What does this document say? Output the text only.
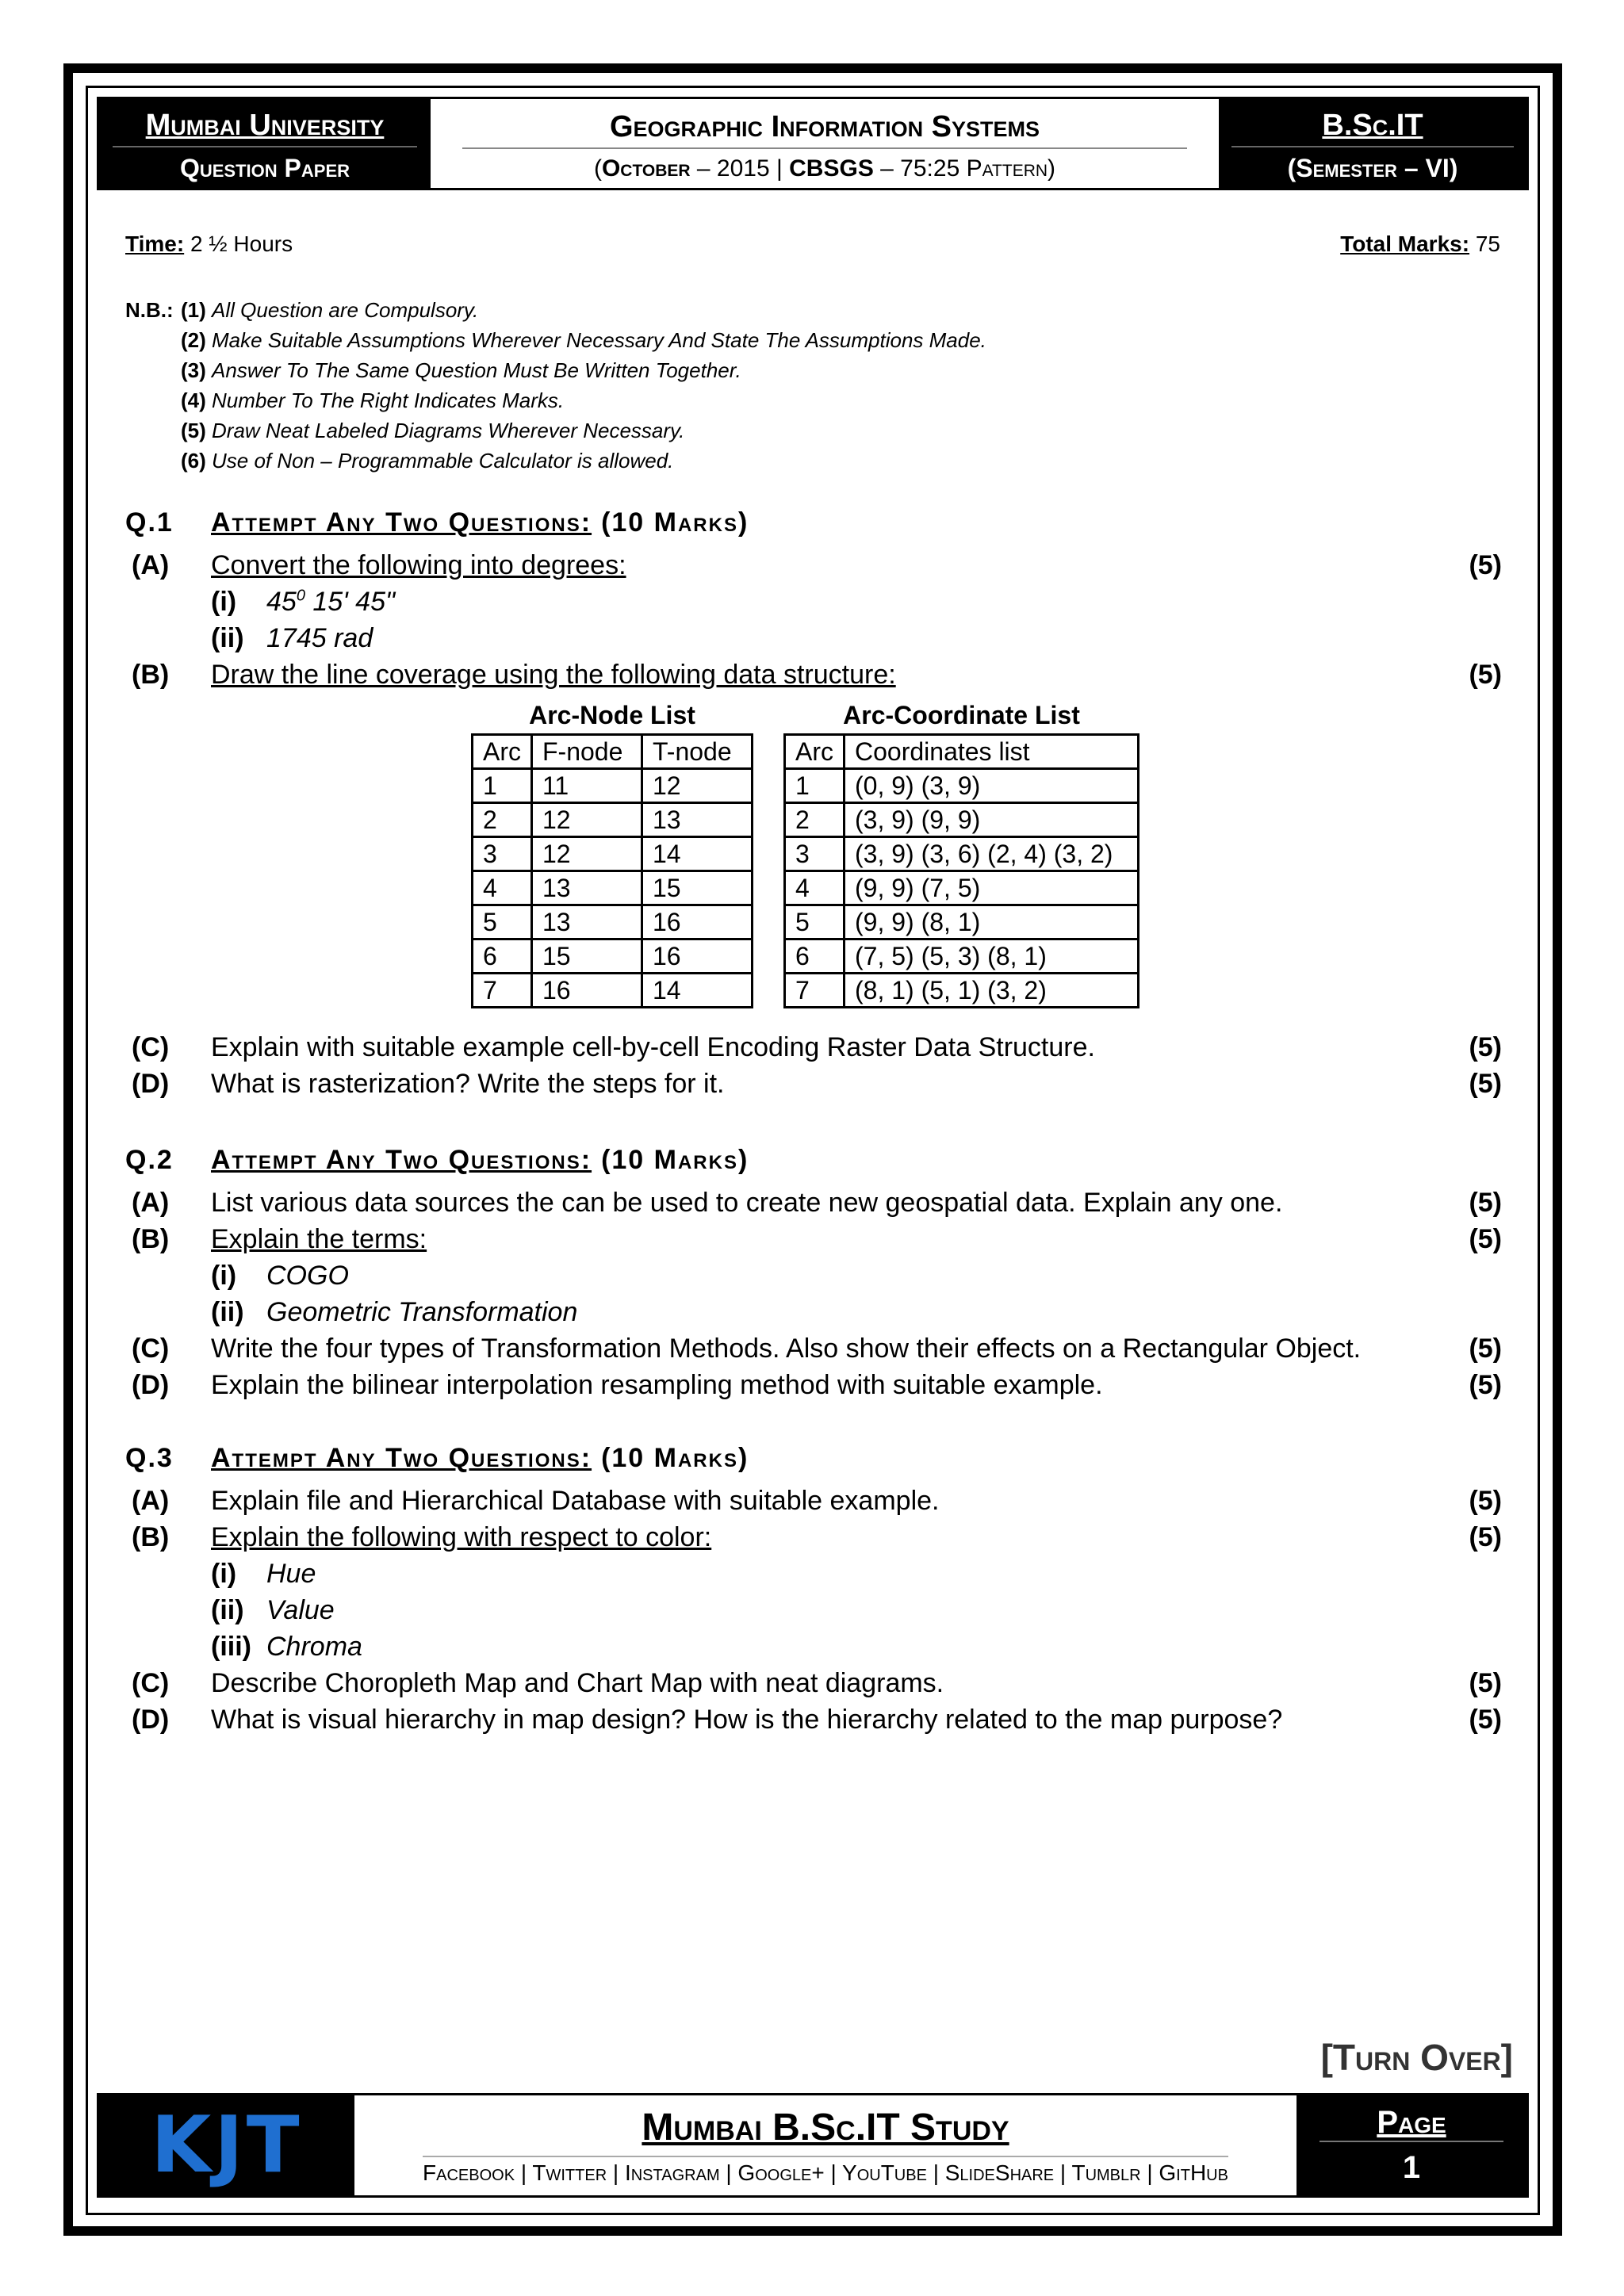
Mumbai University
Question Paper
Geographic Information Systems
(October – 2015 | CBSGS – 75:25 Pattern)
B.Sc.IT
(Semester – VI)
Time: 2 ½ Hours	Total Marks: 75
N.B.: (1)
All Question are Compulsory.
(2)
Make Suitable Assumptions Wherever Necessary And State The Assumptions Made.
(3)
Answer To The Same Question Must Be Written Together.
(4)
Number To The Right Indicates Marks.
(5)
Draw Neat Labeled Diagrams Wherever Necessary.
(6)
Use of Non – Programmable Calculator is allowed.
Q.1	Attempt Any Two Questions: (10 Marks)
(A)	Convert the following into degrees:	(5)
(i)	$45^0$ 15' 45"
(ii) 1745 rad
(B)	Draw the line coverage using the following data structure:	(5)
Arc-Node List
Arc	F-node	T-node
1	11	12
2	12	13
3	12	14
4	13	15
5	13	16
6	15	16
7	16	14
Arc-Coordinate List
Arc	Coordinates list
1	(0, 9) (3, 9)
2	(3, 9) (9, 9)
3	(3, 9) (3, 6) (2, 4) (3, 2)
4	(9, 9) (7, 5)
5	(9, 9) (8, 1)
6	(7, 5) (5, 3) (8, 1)
7	(8, 1) (5, 1) (3, 2)
(C)	Explain with suitable example cell-by-cell Encoding Raster Data Structure.	(5)
(D)	What is rasterization? Write the steps for it.	(5)
Q.2	Attempt Any Two Questions: (10 Marks)
(A)	List various data sources the can be used to create new geospatial data. Explain any one.	(5)
(B)	Explain the terms:	(5)
(i)	COGO
(ii) Geometric Transformation
(C)	Write the four types of Transformation Methods. Also show their effects on a Rectangular Object.	(5)
(D)	Explain the bilinear interpolation resampling method with suitable example.	(5)
Q.3	Attempt Any Two Questions: (10 Marks)
(A)	Explain file and Hierarchical Database with suitable example.	(5)
(B)	Explain the following with respect to color:	(5)
(i)	Hue
(ii) Value
(iii) Chroma
(C)	Describe Choropleth Map and Chart Map with neat diagrams.	(5)
(D)	What is visual hierarchy in map design? How is the hierarchy related to the map purpose?	(5)
[Turn Over]
KJT	Mumbai B.Sc.IT Study
Facebook | Twitter | Instagram | Google+ | YouTube | SlideShare | Tumblr | GitHub
Page
1
